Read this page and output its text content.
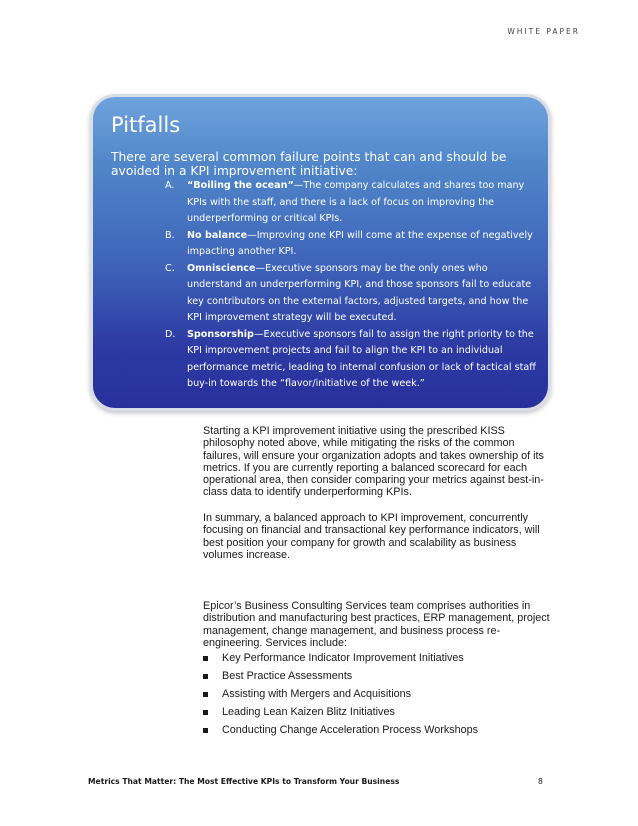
WHITE PAPER
Pitfalls

There are several common failure points that can and should be avoided in a KPI improvement initiative:

A. “Boiling the ocean”—The company calculates and shares too many KPIs with the staff, and there is a lack of focus on improving the underperforming or critical KPIs.
B. No balance—Improving one KPI will come at the expense of negatively impacting another KPI.
C. Omniscience—Executive sponsors may be the only ones who understand an underperforming KPI, and those sponsors fail to educate key contributors on the external factors, adjusted targets, and how the KPI improvement strategy will be executed.
D. Sponsorship—Executive sponsors fail to assign the right priority to the KPI improvement projects and fail to align the KPI to an individual performance metric, leading to internal confusion or lack of tactical staff buy-in towards the “flavor/initiative of the week.”

Starting a KPI improvement initiative using the prescribed KISS philosophy noted above, while mitigating the risks of the common failures, will ensure your organization adopts and takes ownership of its metrics. If you are currently reporting a balanced scorecard for each operational area, then consider comparing your metrics against best-in-class data to identify underperforming KPIs.

In summary, a balanced approach to KPI improvement, concurrently focusing on financial and transactional key performance indicators, will best position your company for growth and scalability as business volumes increase.

Epicor’s Business Consulting Services team comprises authorities in distribution and manufacturing best practices, ERP management, project management, change management, and business process re-engineering. Services include:

Key Performance Indicator Improvement Initiatives
Best Practice Assessments
Assisting with Mergers and Acquisitions
Leading Lean Kaizen Blitz Initiatives
Conducting Change Acceleration Process Workshops
Metrics That Matter: The Most Effective KPIs to Transform Your Business	8
